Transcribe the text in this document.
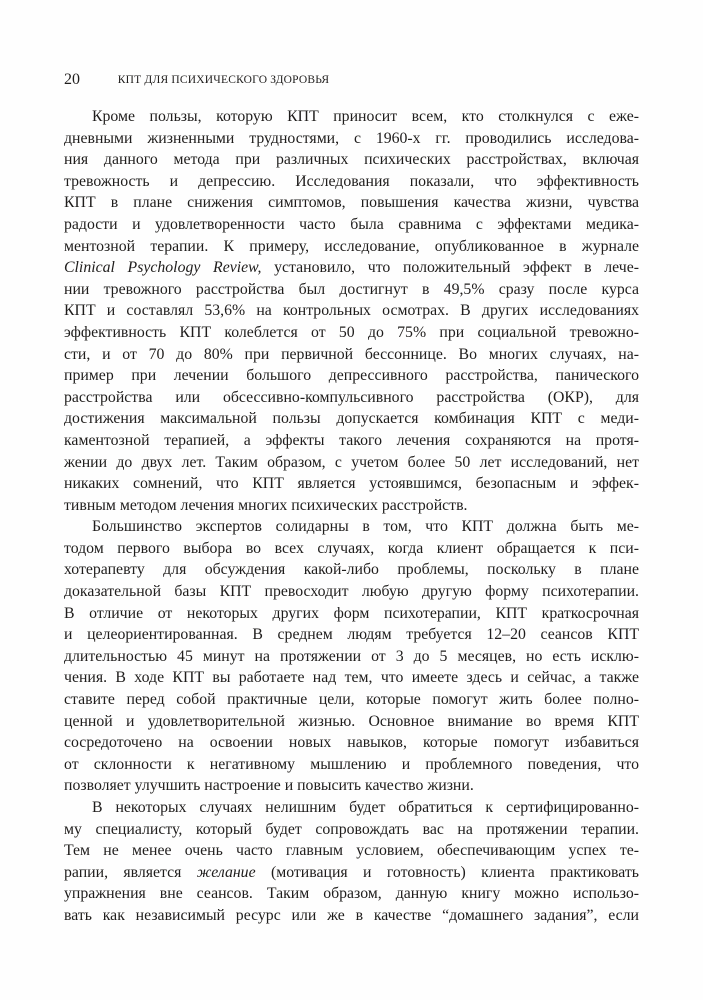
20	КПТ ДЛЯ ПСИХИЧЕСКОГО ЗДОРОВЬЯ
Кроме пользы, которую КПТ приносит всем, кто столкнулся с еже-
дневными жизненными трудностями, с 1960-х гг. проводились исследова-
ния данного метода при различных психических расстройствах, включая
тревожность и депрессию. Исследования показали, что эффективность
КПТ в плане снижения симптомов, повышения качества жизни, чувства
радости и удовлетворенности часто была сравнима с эффектами медика-
ментозной терапии. К примеру, исследование, опубликованное в журнале
Clinical Psychology Review, установило, что положительный эффект в лече-
нии тревожного расстройства был достигнут в 49,5% сразу после курса
КПТ и составлял 53,6% на контрольных осмотрах. В других исследованиях
эффективность КПТ колеблется от 50 до 75% при социальной тревожно-
сти, и от 70 до 80% при первичной бессоннице. Во многих случаях, на-
пример при лечении большого депрессивного расстройства, панического
расстройства или обсессивно-компульсивного расстройства (ОКР), для
достижения максимальной пользы допускается комбинация КПТ с меди-
каментозной терапией, а эффекты такого лечения сохраняются на протя-
жении до двух лет. Таким образом, с учетом более 50 лет исследований, нет
никаких сомнений, что КПТ является устоявшимся, безопасным и эффек-
тивным методом лечения многих психических расстройств.
Большинство экспертов солидарны в том, что КПТ должна быть ме-
тодом первого выбора во всех случаях, когда клиент обращается к пси-
хотерапевту для обсуждения какой-либо проблемы, поскольку в плане
доказательной базы КПТ превосходит любую другую форму психотерапии.
В отличие от некоторых других форм психотерапии, КПТ краткосрочная
и целеориентированная. В среднем людям требуется 12–20 сеансов КПТ
длительностью 45 минут на протяжении от 3 до 5 месяцев, но есть исклю-
чения. В ходе КПТ вы работаете над тем, что имеете здесь и сейчас, а также
ставите перед собой практичные цели, которые помогут жить более полно-
ценной и удовлетворительной жизнью. Основное внимание во время КПТ
сосредоточено на освоении новых навыков, которые помогут избавиться
от склонности к негативному мышлению и проблемного поведения, что
позволяет улучшить настроение и повысить качество жизни.
В некоторых случаях нелишним будет обратиться к сертифицированно-
му специалисту, который будет сопровождать вас на протяжении терапии.
Тем не менее очень часто главным условием, обеспечивающим успех те-
рапии, является желание (мотивация и готовность) клиента практиковать
упражнения вне сеансов. Таким образом, данную книгу можно использо-
вать как независимый ресурс или же в качестве “домашнего задания”, если
